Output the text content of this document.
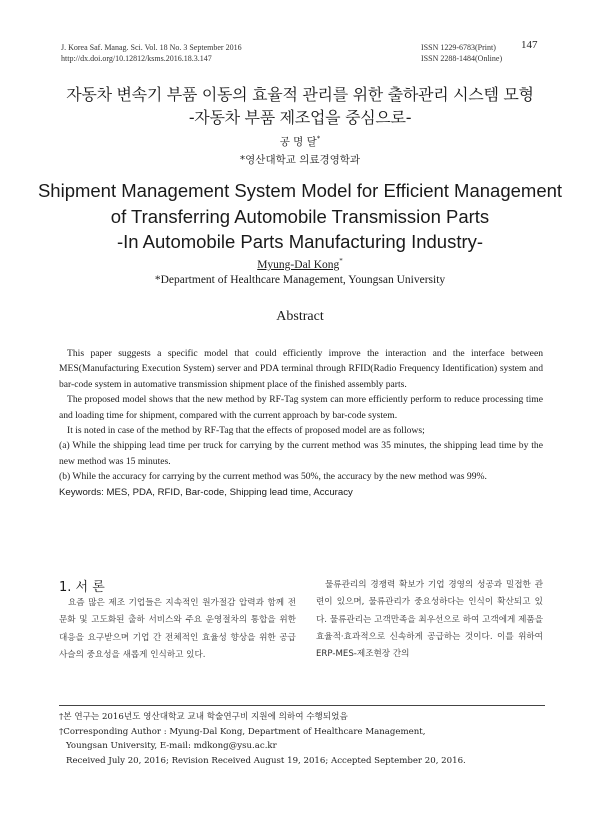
J. Korea Saf. Manag. Sci. Vol. 18 No. 3 September 2016
http://dx.doi.org/10.12812/ksms.2016.18.3.147
ISSN 1229-6783(Print)
ISSN 2288-1484(Online)
147
자동차 변속기 부품 이동의 효율적 관리를 위한 출하관리 시스템 모형
-자동차 부품 제조업을 중심으로-
공 명 달*
*영산대학교 의료경영학과
Shipment Management System Model for Efficient Management
of Transferring Automobile Transmission Parts
-In Automobile Parts Manufacturing Industry-
Myung-Dal Kong*
*Department of Healthcare Management, Youngsan University
Abstract

This paper suggests a specific model that could efficiently improve the interaction and the interface between MES(Manufacturing Execution System) server and PDA terminal through RFID(Radio Frequency Identification) system and bar-code system in automative transmission shipment place of the finished assembly parts.

The proposed model shows that the new method by RF-Tag system can more efficiently perform to reduce processing time and loading time for shipment, compared with the current approach by bar-code system.

It is noted in case of the method by RF-Tag that the effects of proposed model are as follows;

(a) While the shipping lead time per truck for carrying by the current method was 35 minutes, the shipping lead time by the new method was 15 minutes.

(b) While the accuracy for carrying by the current method was 50%, the accuracy by the new method was 99%.

Keywords: MES, PDA, RFID, Bar-code, Shipping lead time, Accuracy

1. 서 론

요즘 많은 제조 기업들은 지속적인 원가절감 압력과 함께 전문화 및 고도화된 출하 서비스와 주요 운영절차의 통합을 위한 대응을 요구받으며 기업 간 전체적인 효율성 향상을 위한 공급사슬의 중요성을 새롭게 인식하고 있다.

물류관리의 경쟁력 확보가 기업 경영의 성공과 밀접한 관련이 있으며, 물류관리가 중요성하다는 인식이 확산되고 있다. 물류관리는 고객만족을 최우선으로 하여 고객에게 제품을 효율적·효과적으로 신속하게 공급하는 것이다. 이를 위하여 ERP-MES-제조현장 간의

†본 연구는 2016년도 영산대학교 교내 학술연구비 지원에 의하여 수행되었음
†Corresponding Author : Myung-Dal Kong, Department of Healthcare Management,
Youngsan University, E-mail: mdkong@ysu.ac.kr
Received July 20, 2016; Revision Received August 19, 2016; Accepted September 20, 2016.
